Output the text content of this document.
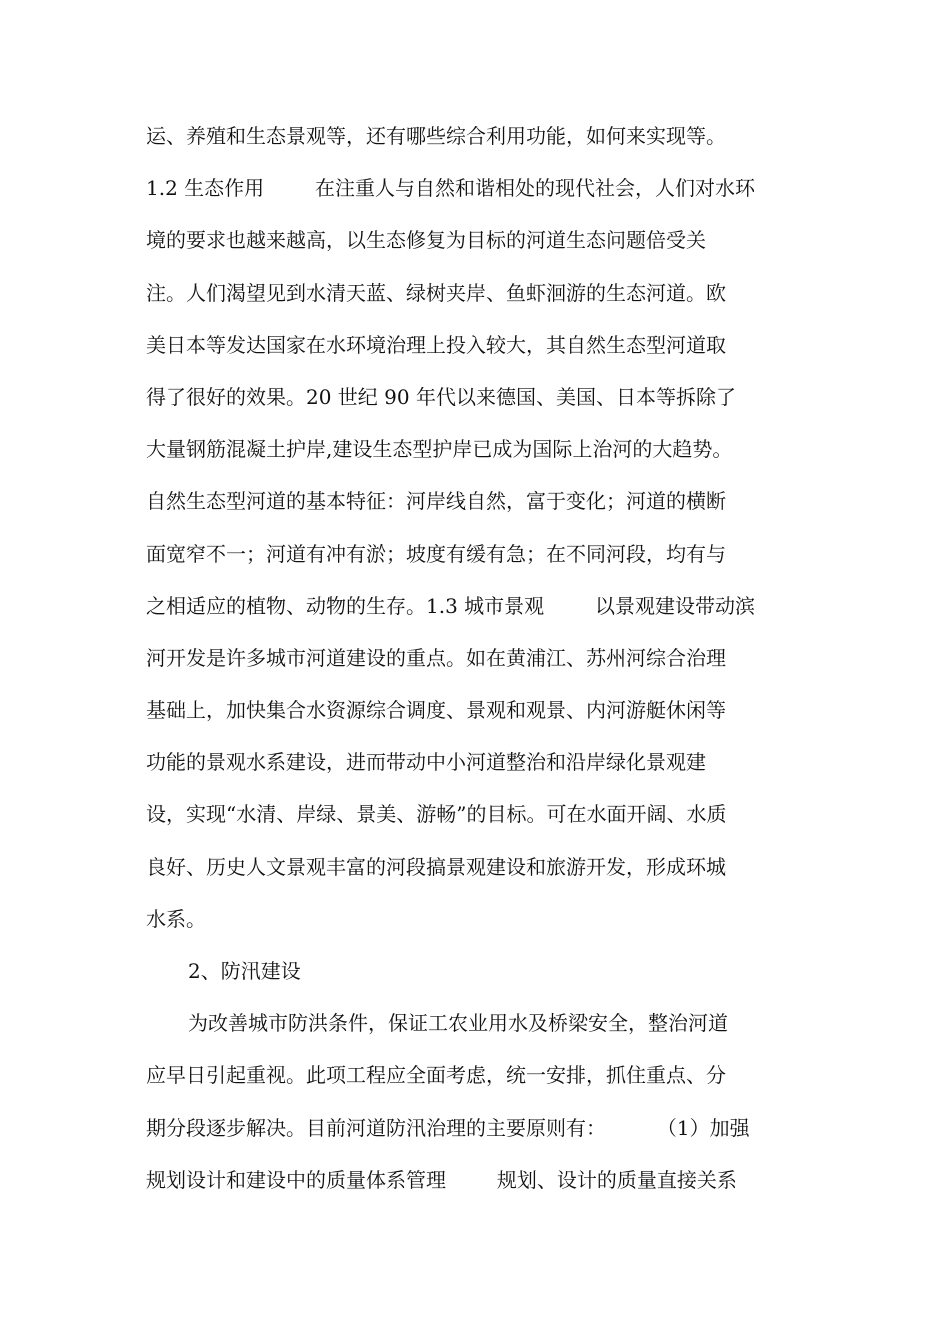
运、养殖和生态景观等，还有哪些综合利用功能，如何来实现等。
1.2 生态作用        在注重人与自然和谐相处的现代社会，人们对水环
境的要求也越来越高，以生态修复为目标的河道生态问题倍受关
注。人们渴望见到水清天蓝、绿树夹岸、鱼虾洄游的生态河道。欧
美日本等发达国家在水环境治理上投入较大，其自然生态型河道取
得了很好的效果。20 世纪 90 年代以来德国、美国、日本等拆除了
大量钢筋混凝土护岸,建设生态型护岸已成为国际上治河的大趋势。
自然生态型河道的基本特征：河岸线自然，富于变化；河道的横断
面宽窄不一；河道有冲有淤；坡度有缓有急；在不同河段，均有与
之相适应的植物、动物的生存。1.3 城市景观        以景观建设带动滨
河开发是许多城市河道建设的重点。如在黄浦江、苏州河综合治理
基础上，加快集合水资源综合调度、景观和观景、内河游艇休闲等
功能的景观水系建设，进而带动中小河道整治和沿岸绿化景观建
设，实现“水清、岸绿、景美、游畅”的目标。可在水面开阔、水质
良好、历史人文景观丰富的河段搞景观建设和旅游开发，形成环城
水系。
2、防汛建设
为改善城市防洪条件，保证工农业用水及桥梁安全，整治河道
应早日引起重视。此项工程应全面考虑，统一安排，抓住重点、分
期分段逐步解决。目前河道防汛治理的主要原则有：        （1）加强
规划设计和建设中的质量体系管理        规划、设计的质量直接关系
